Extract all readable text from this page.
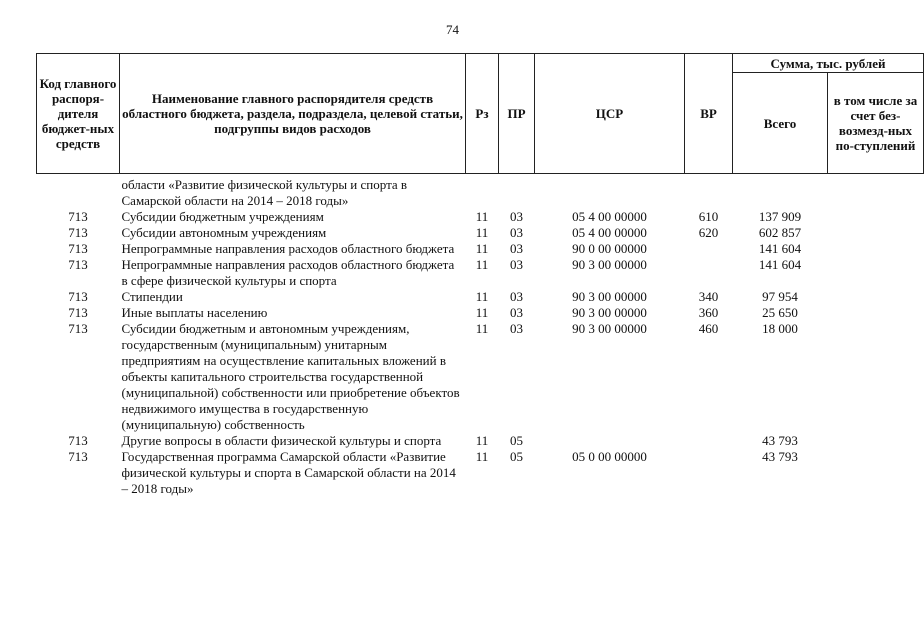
74
Код главного распоря-дителя бюджет-ных средств	Наименование главного распорядителя средств областного бюджета, раздела, подраздела, целевой статьи, подгруппы видов расходов	Рз	ПР	ЦСР	ВР	Сумма, тыс. рублей	
						Всего	в том числе за счет без-возмезд-ных по-ступлений
	области «Развитие физической культуры и спорта в Самарской области на 2014 – 2018 годы»						
713	Субсидии бюджетным учреждениям	11	03	05 4 00 00000	610	137 909	
713	Субсидии автономным учреждениям	11	03	05 4 00 00000	620	602 857	
713	Непрограммные направления расходов областного бюджета	11	03	90 0 00 00000		141 604	
713	Непрограммные направления расходов областного бюджета в сфере физической культуры и спорта	11	03	90 3 00 00000		141 604	
713	Стипендии	11	03	90 3 00 00000	340	97 954	
713	Иные выплаты населению	11	03	90 3 00 00000	360	25 650	
713	Субсидии бюджетным и автономным учреждениям, государственным (муниципальным) унитарным предприятиям на осуществление капитальных вложений в объекты капитального строительства государственной (муниципальной) собственности или приобретение объектов недвижимого имущества в государственную (муниципальную) собственность	11	03	90 3 00 00000	460	18 000	
713	Другие вопросы в области физической культуры и спорта	11	05			43 793	
713	Государственная программа Самарской области «Развитие физической культуры и спорта в Самарской области на 2014 – 2018 годы»	11	05	05 0 00 00000		43 793	
